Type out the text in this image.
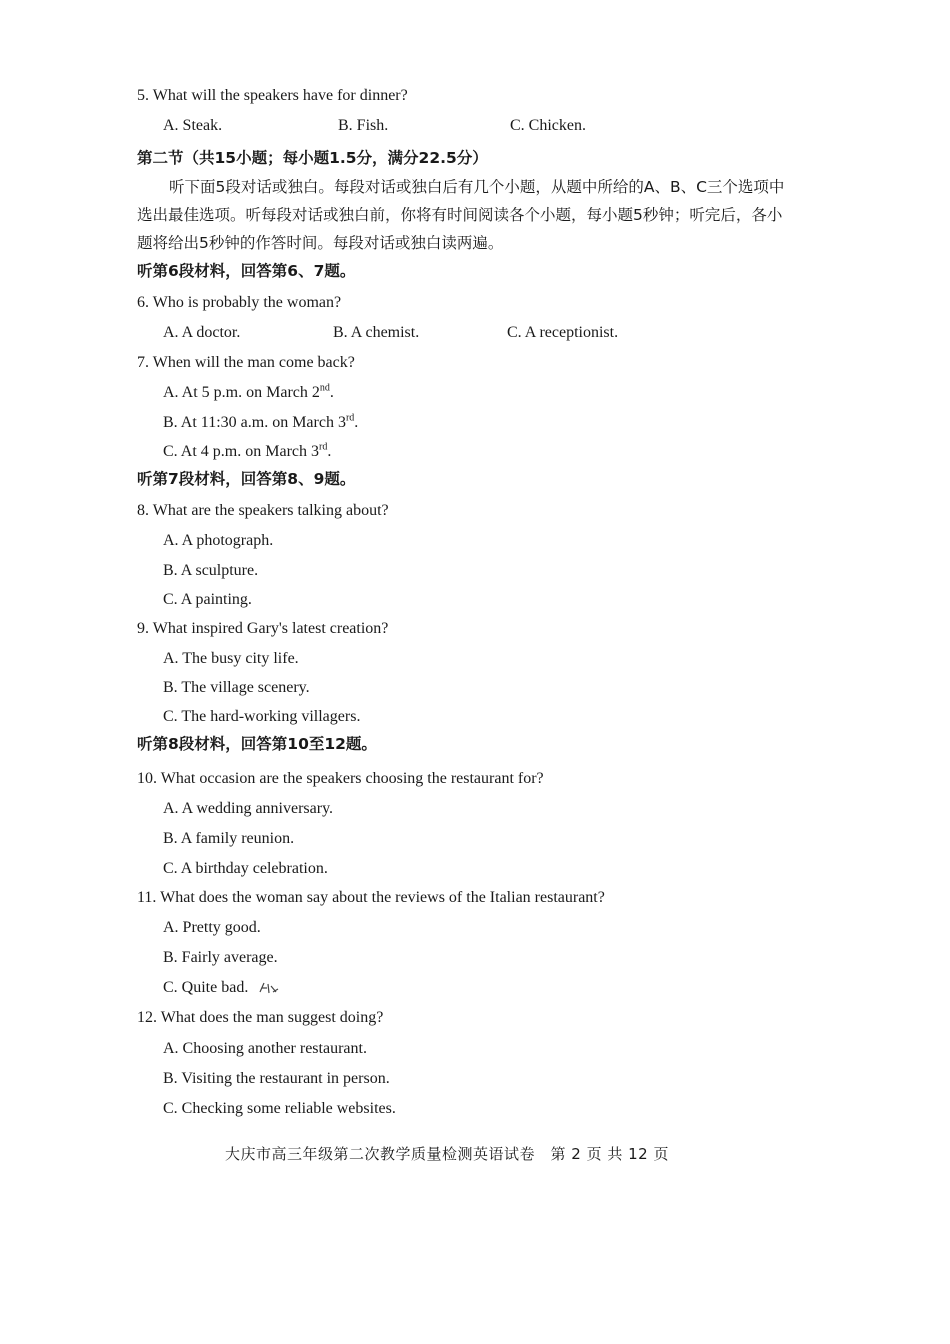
5. What will the speakers have for dinner?
A. Steak.	B. Fish.	C. Chicken.
第二节（共15小题；每小题1.5分，满分22.5分）
听下面5段对话或独白。每段对话或独白后有几个小题，从题中所给的A、B、C三个选项中选出最佳选项。听每段对话或独白前，你将有时间阅读各个小题，每小题5秒钟；听完后，各小题将给出5秒钟的作答时间。每段对话或独白读两遍。
听第6段材料，回答第6、7题。
6. Who is probably the woman?
A. A doctor.	B. A chemist.	C. A receptionist.
7. When will the man come back?
A. At 5 p.m. on March 2nd.
B. At 11:30 a.m. on March 3rd.
C. At 4 p.m. on March 3rd.
听第7段材料，回答第8、9题。
8. What are the speakers talking about?
A. A photograph.
B. A sculpture.
C. A painting.
9. What inspired Gary's latest creation?
A. The busy city life.
B. The village scenery.
C. The hard-working villagers.
听第8段材料，回答第10至12题。
10. What occasion are the speakers choosing the restaurant for?
A. A wedding anniversary.
B. A family reunion.
C. A birthday celebration.
11. What does the woman say about the reviews of the Italian restaurant?
A. Pretty good.
B. Fairly average.
C. Quite bad.
12. What does the man suggest doing?
A. Choosing another restaurant.
B. Visiting the restaurant in person.
C. Checking some reliable websites.
大庆市高三年级第二次教学质量检测英语试卷　第 2 页 共 12 页
